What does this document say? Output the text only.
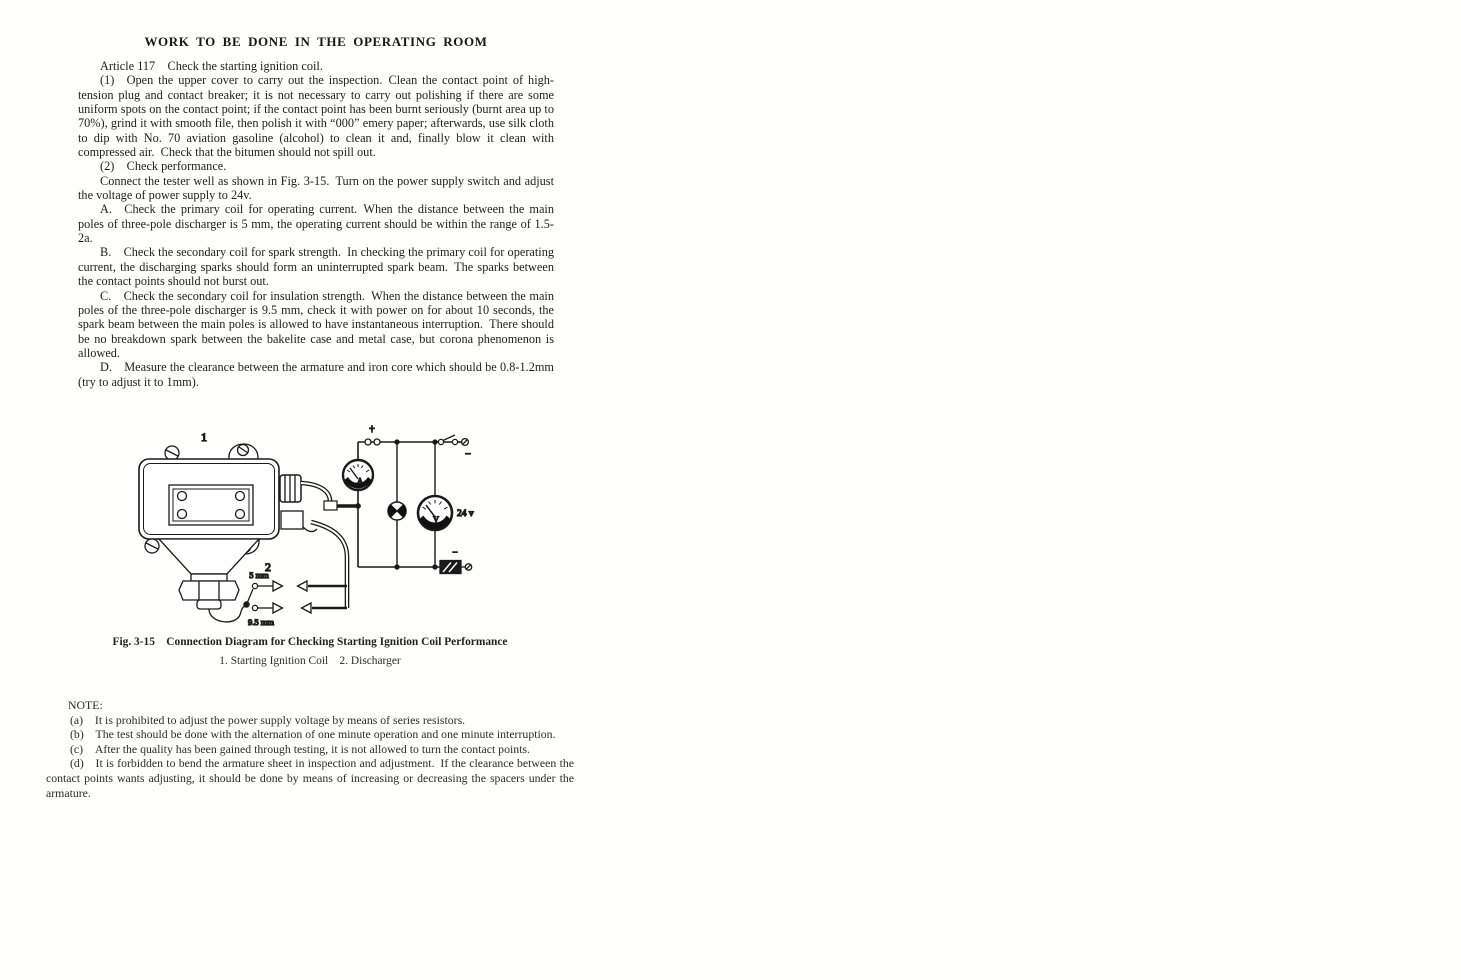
WORK TO BE DONE IN THE OPERATING ROOM
Article 117  Check the starting ignition coil.
(1)  Open the upper cover to carry out the inspection. Clean the contact point of high-tension plug and contact breaker; it is not necessary to carry out polishing if there are some uniform spots on the contact point; if the contact point has been burnt seriously (burnt area up to 70%), grind it with smooth file, then polish it with “000” emery paper; afterwards, use silk cloth to dip with No. 70 aviation gasoline (alcohol) to clean it and, finally blow it clean with compressed air. Check that the bitumen should not spill out.
(2)  Check performance.
Connect the tester well as shown in Fig. 3-15. Turn on the power supply switch and adjust the voltage of power supply to 24v.
A.  Check the primary coil for operating current. When the distance between the main poles of three-pole discharger is 5 mm, the operating current should be within the range of 1.5-2a.
B.  Check the secondary coil for spark strength. In checking the primary coil for operating current, the discharging sparks should form an uninterrupted spark beam. The sparks between the contact points should not burst out.
C.  Check the secondary coil for insulation strength. When the distance between the main poles of the three-pole discharger is 9.5 mm, check it with power on for about 10 seconds, the spark beam between the main poles is allowed to have instantaneous interruption. There should be no breakdown spark between the bakelite case and metal case, but corona phenomenon is allowed.
D.  Measure the clearance between the armature and iron core which should be 0.8-1.2mm (try to adjust it to 1mm).
1
2
5 mm
9.5 mm
+
−
−
A
V
24 v
Fig. 3-15  Connection Diagram for Checking Starting Ignition Coil Performance
1. Starting Ignition Coil  2. Discharger
NOTE:
(a)  It is prohibited to adjust the power supply voltage by means of series resistors.
(b)  The test should be done with the alternation of one minute operation and one minute interruption.
(c)  After the quality has been gained through testing, it is not allowed to turn the contact points.
(d)  It is forbidden to bend the armature sheet in inspection and adjustment. If the clearance between the contact points wants adjusting, it should be done by means of increasing or decreasing the spacers under the armature.
